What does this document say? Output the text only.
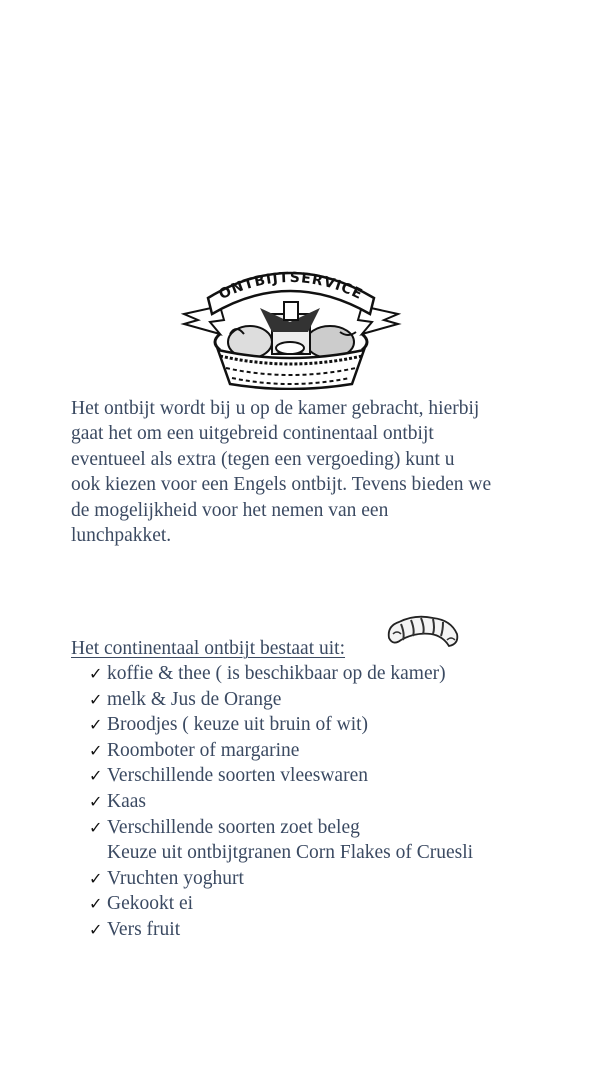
ONTBIJTSERVICE

Het ontbijt wordt bij u op de kamer gebracht, hierbij
gaat het om een uitgebreid continentaal ontbijt
eventueel als extra (tegen een vergoeding) kunt u
ook kiezen voor een Engels ontbijt. Tevens bieden we
de mogelijkheid voor het nemen van een
lunchpakket.

Het continentaal ontbijt bestaat uit:

✓ koffie & thee ( is beschikbaar op de kamer)
✓ melk & Jus de Orange
✓ Broodjes ( keuze uit bruin of wit)
✓ Roomboter of margarine
✓ Verschillende soorten vleeswaren
✓ Kaas
✓ Verschillende soorten zoet beleg
Keuze uit ontbijtgranen Corn Flakes of Cruesli
✓ Vruchten yoghurt
✓ Gekookt ei
✓ Vers fruit
